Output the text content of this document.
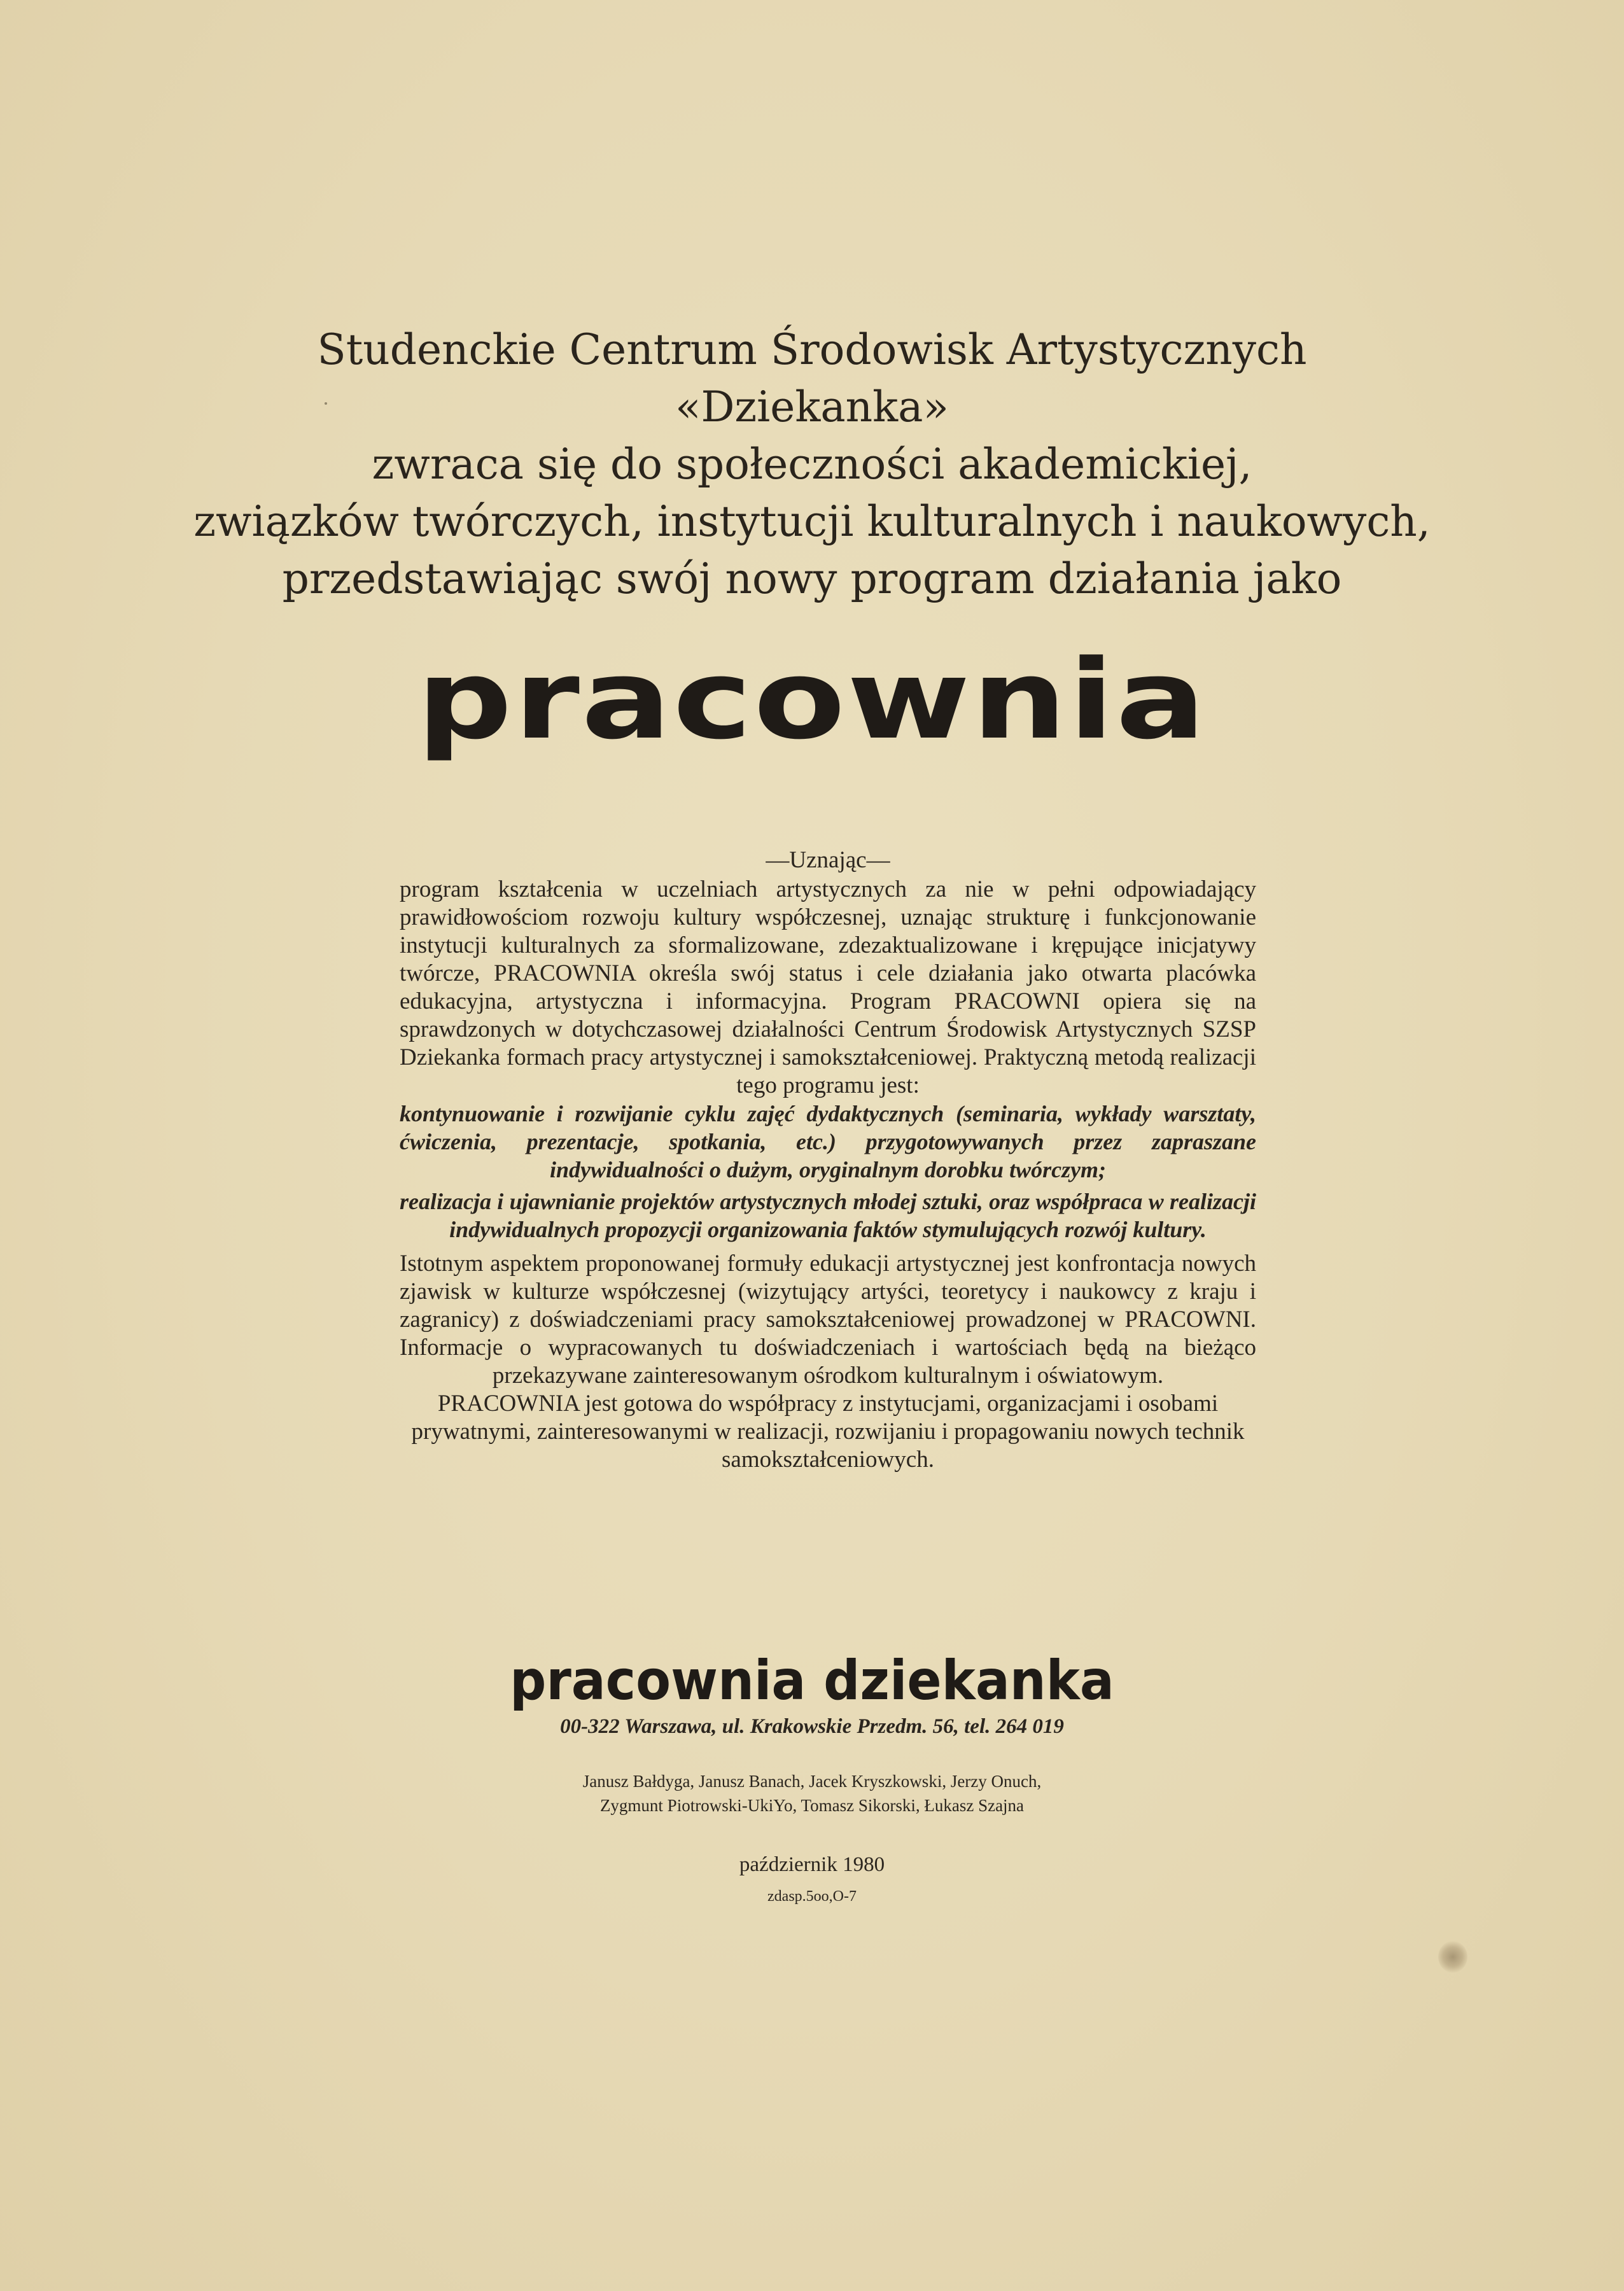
Studenckie Centrum Środowisk Artystycznych
«Dziekanka»
zwraca się do społeczności akademickiej,
związków twórczych, instytucji kulturalnych i naukowych,
przedstawiając swój nowy program działania jako
pracownia
—Uznając—

program kształcenia w uczelniach artystycznych za nie w pełni odpowiadający prawidłowościom rozwoju kultury współczesnej, uznając strukturę i funkcjonowanie instytucji kulturalnych za sformalizowane, zdezaktualizowane i krępujące inicjatywy twórcze, PRACOWNIA określa swój status i cele działania jako otwarta placówka edukacyjna, artystyczna i informacyjna. Program PRACOWNI opiera się na sprawdzonych w dotychczasowej działalności Centrum Środowisk Artystycznych SZSP Dziekanka formach pracy artystycznej i samokształceniowej. Praktyczną metodą realizacji tego programu jest:

kontynuowanie i rozwijanie cyklu zajęć dydaktycznych (seminaria, wykłady warsztaty, ćwiczenia, prezentacje, spotkania, etc.) przygotowywanych przez zapraszane indywidualności o dużym, oryginalnym dorobku twórczym;

realizacja i ujawnianie projektów artystycznych młodej sztuki, oraz współpraca w realizacji indywidualnych propozycji organizowania faktów stymulujących rozwój kultury.

Istotnym aspektem proponowanej formuły edukacji artystycznej jest konfrontacja nowych zjawisk w kulturze współczesnej (wizytujący artyści, teoretycy i naukowcy z kraju i zagranicy) z doświadczeniami pracy samokształceniowej prowadzonej w PRACOWNI. Informacje o wypracowanych tu doświadczeniach i wartościach będą na bieżąco przekazywane zainteresowanym ośrodkom kulturalnym i oświatowym.

PRACOWNIA jest gotowa do współpracy z instytucjami, organizacjami i osobami prywatnymi, zainteresowanymi w realizacji, rozwijaniu i propagowaniu nowych technik samokształceniowych.

pracownia dziekanka
00-322 Warszawa, ul. Krakowskie Przedm. 56, tel. 264 019
Janusz Bałdyga, Janusz Banach, Jacek Kryszkowski, Jerzy Onuch,
Zygmunt Piotrowski-UkiYo, Tomasz Sikorski, Łukasz Szajna
październik 1980
zdasp.5oo,O-7
